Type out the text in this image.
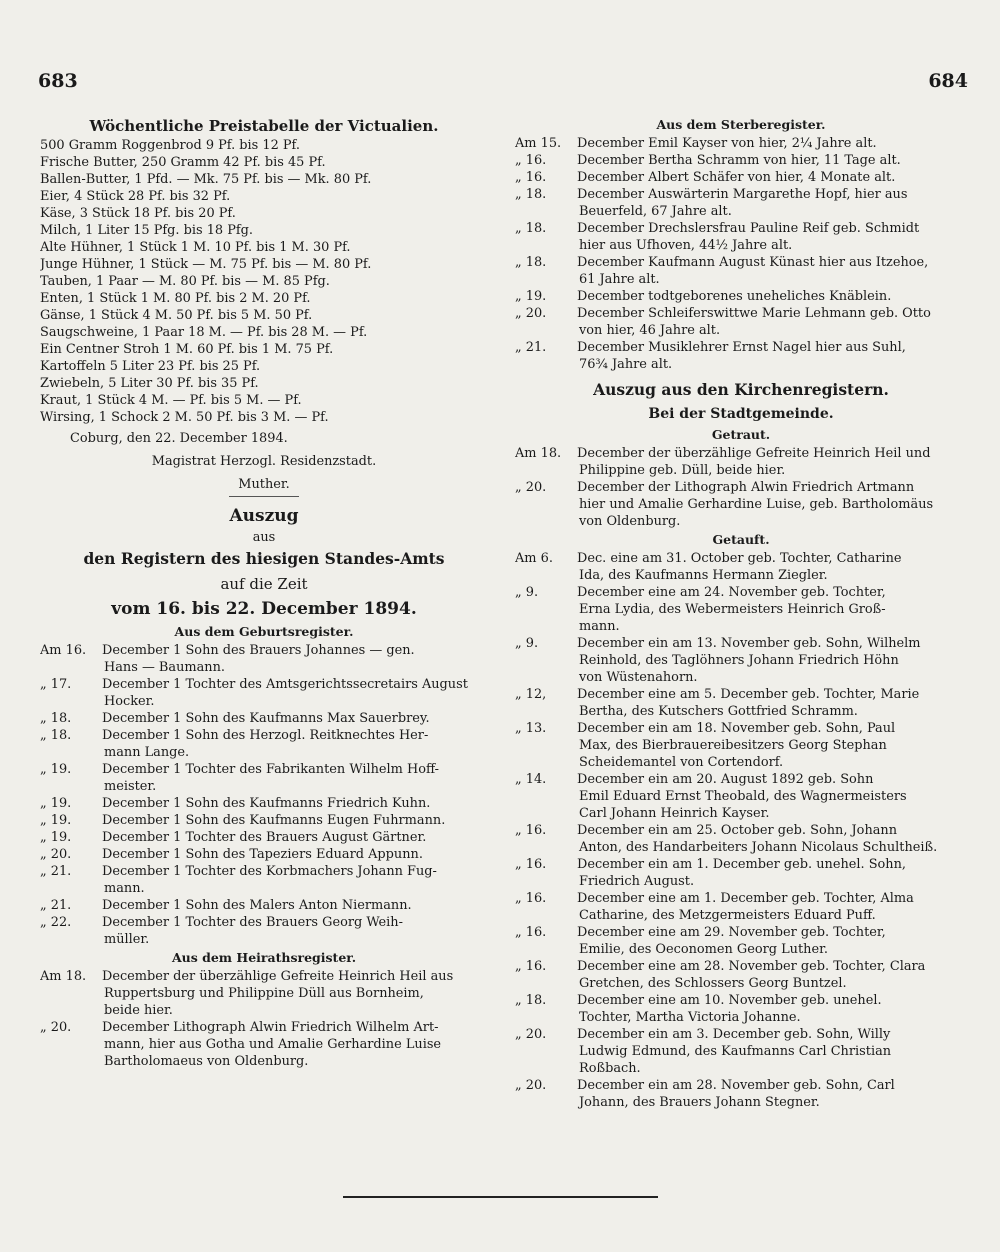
683	684
Wöchentliche Preistabelle der Victualien.
500 Gramm Roggenbrod 9 Pf. bis 12 Pf.
Frische Butter, 250 Gramm 42 Pf. bis 45 Pf.
Ballen-Butter, 1 Pfd. — Mk. 75 Pf. bis — Mk. 80 Pf.
Eier, 4 Stück 28 Pf. bis 32 Pf.
Käse, 3 Stück 18 Pf. bis 20 Pf.
Milch, 1 Liter 15 Pfg. bis 18 Pfg.
Alte Hühner, 1 Stück 1 M. 10 Pf. bis 1 M. 30 Pf.
Junge Hühner, 1 Stück — M. 75 Pf. bis — M. 80 Pf.
Tauben, 1 Paar — M. 80 Pf. bis — M. 85 Pfg.
Enten, 1 Stück 1 M. 80 Pf. bis 2 M. 20 Pf.
Gänse, 1 Stück 4 M. 50 Pf. bis 5 M. 50 Pf.
Saugschweine, 1 Paar 18 M. — Pf. bis 28 M. — Pf.
Ein Centner Stroh 1 M. 60 Pf. bis 1 M. 75 Pf.
Kartoffeln 5 Liter 23 Pf. bis 25 Pf.
Zwiebeln, 5 Liter 30 Pf. bis 35 Pf.
Kraut, 1 Stück 4 M. — Pf. bis 5 M. — Pf.
Wirsing, 1 Schock 2 M. 50 Pf. bis 3 M. — Pf.
Coburg, den 22. December 1894.
Magistrat Herzogl. Residenzstadt.
Muther.
Auszug
aus
den Registern des hiesigen Standes-Amts
auf die Zeit
vom 16. bis 22. December 1894.
Aus dem Geburtsregister.
Am 16.	December 1 Sohn des Brauers Johannes — gen.
Hans — Baumann.
„ 17.	December 1 Tochter des Amtsgerichtssecretairs August
Hocker.
„ 18.	December 1 Sohn des Kaufmanns Max Sauerbrey.
„ 18.	December 1 Sohn des Herzogl. Reitknechtes Her-
mann Lange.
„ 19.	December 1 Tochter des Fabrikanten Wilhelm Hoff-
meister.
„ 19.	December 1 Sohn des Kaufmanns Friedrich Kuhn.
„ 19.	December 1 Sohn des Kaufmanns Eugen Fuhrmann.
„ 19.	December 1 Tochter des Brauers August Gärtner.
„ 20.	December 1 Sohn des Tapeziers Eduard Appunn.
„ 21.	December 1 Tochter des Korbmachers Johann Fug-
mann.
„ 21.	December 1 Sohn des Malers Anton Niermann.
„ 22.	December 1 Tochter des Brauers Georg Weih-
müller.
Aus dem Heirathsregister.
Am 18.	December der überzählige Gefreite Heinrich Heil aus
Ruppertsburg und Philippine Düll aus Bornheim,
beide hier.
„ 20.	December Lithograph Alwin Friedrich Wilhelm Art-
mann, hier aus Gotha und Amalie Gerhardine Luise
Bartholomaeus von Oldenburg.
Aus dem Sterberegister.
Am 15.	December Emil Kayser von hier, 2¼ Jahre alt.
„ 16.	December Bertha Schramm von hier, 11 Tage alt.
„ 16.	December Albert Schäfer von hier, 4 Monate alt.
„ 18.	December Auswärterin Margarethe Hopf, hier aus
Beuerfeld, 67 Jahre alt.
„ 18.	December Drechslersfrau Pauline Reif geb. Schmidt
hier aus Ufhoven, 44½ Jahre alt.
„ 18.	December Kaufmann August Künast hier aus Itzehoe,
61 Jahre alt.
„ 19.	December todtgeborenes uneheliches Knäblein.
„ 20.	December Schleiferswittwe Marie Lehmann geb. Otto
von hier, 46 Jahre alt.
„ 21.	December Musiklehrer Ernst Nagel hier aus Suhl,
76¾ Jahre alt.
Auszug aus den Kirchenregistern.
Bei der Stadtgemeinde.
Getraut.
Am 18.	December der überzählige Gefreite Heinrich Heil und
Philippine geb. Düll, beide hier.
„ 20.	December der Lithograph Alwin Friedrich Artmann
hier und Amalie Gerhardine Luise, geb. Bartholomäus
von Oldenburg.
Getauft.
Am 6.	Dec. eine am 31. October geb. Tochter, Catharine
Ida, des Kaufmanns Hermann Ziegler.
„ 9.	December eine am 24. November geb. Tochter,
Erna Lydia, des Webermeisters Heinrich Groß-
mann.
„ 9.	December ein am 13. November geb. Sohn, Wilhelm
Reinhold, des Taglöhners Johann Friedrich Höhn
von Wüstenahorn.
„ 12,	December eine am 5. December geb. Tochter, Marie
Bertha, des Kutschers Gottfried Schramm.
„ 13.	December ein am 18. November geb. Sohn, Paul
Max, des Bierbrauereibesitzers Georg Stephan
Scheidemantel von Cortendorf.
„ 14.	December ein am 20. August 1892 geb. Sohn
Emil Eduard Ernst Theobald, des Wagnermeisters
Carl Johann Heinrich Kayser.
„ 16.	December ein am 25. October geb. Sohn, Johann
Anton, des Handarbeiters Johann Nicolaus Schultheiß.
„ 16.	December ein am 1. December geb. unehel. Sohn,
Friedrich August.
„ 16.	December eine am 1. December geb. Tochter, Alma
Catharine, des Metzgermeisters Eduard Puff.
„ 16.	December eine am 29. November geb. Tochter,
Emilie, des Oeconomen Georg Luther.
„ 16.	December eine am 28. November geb. Tochter, Clara
Gretchen, des Schlossers Georg Buntzel.
„ 18.	December eine am 10. November geb. unehel.
Tochter, Martha Victoria Johanne.
„ 20.	December ein am 3. December geb. Sohn, Willy
Ludwig Edmund, des Kaufmanns Carl Christian
Roßbach.
„ 20.	December ein am 28. November geb. Sohn, Carl
Johann, des Brauers Johann Stegner.
